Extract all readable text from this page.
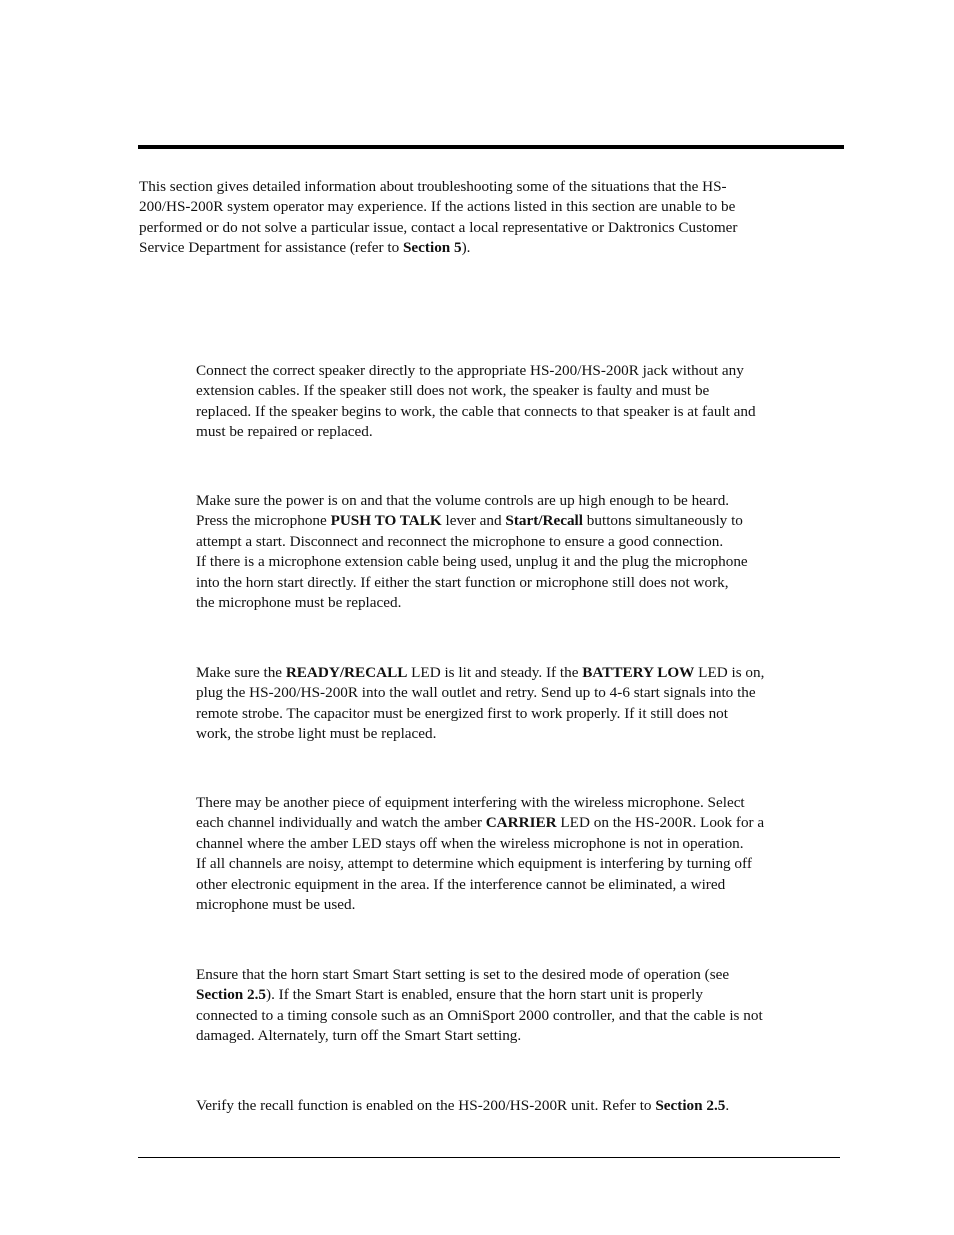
This section gives detailed information about troubleshooting some of the situations that the HS-
200/HS-200R system operator may experience. If the actions listed in this section are unable to be
performed or do not solve a particular issue, contact a local representative or Daktronics Customer
Service Department for assistance (refer to Section 5).

Connect the correct speaker directly to the appropriate HS-200/HS-200R jack without any
extension cables. If the speaker still does not work, the speaker is faulty and must be
replaced. If the speaker begins to work, the cable that connects to that speaker is at fault and
must be repaired or replaced.

Make sure the power is on and that the volume controls are up high enough to be heard.
Press the microphone PUSH TO TALK lever and Start/Recall buttons simultaneously to
attempt a start. Disconnect and reconnect the microphone to ensure a good connection.
If there is a microphone extension cable being used, unplug it and the plug the microphone
into the horn start directly. If either the start function or microphone still does not work,
the microphone must be replaced.

Make sure the READY/RECALL LED is lit and steady. If the BATTERY LOW LED is on,
plug the HS-200/HS-200R into the wall outlet and retry. Send up to 4-6 start signals into the
remote strobe. The capacitor must be energized first to work properly. If it still does not
work, the strobe light must be replaced.

There may be another piece of equipment interfering with the wireless microphone. Select
each channel individually and watch the amber CARRIER LED on the HS-200R. Look for a
channel where the amber LED stays off when the wireless microphone is not in operation.
If all channels are noisy, attempt to determine which equipment is interfering by turning off
other electronic equipment in the area. If the interference cannot be eliminated, a wired
microphone must be used.

Ensure that the horn start Smart Start setting is set to the desired mode of operation (see
Section 2.5). If the Smart Start is enabled, ensure that the horn start unit is properly
connected to a timing console such as an OmniSport 2000 controller, and that the cable is not
damaged. Alternately, turn off the Smart Start setting.

Verify the recall function is enabled on the HS-200/HS-200R unit. Refer to Section 2.5.
